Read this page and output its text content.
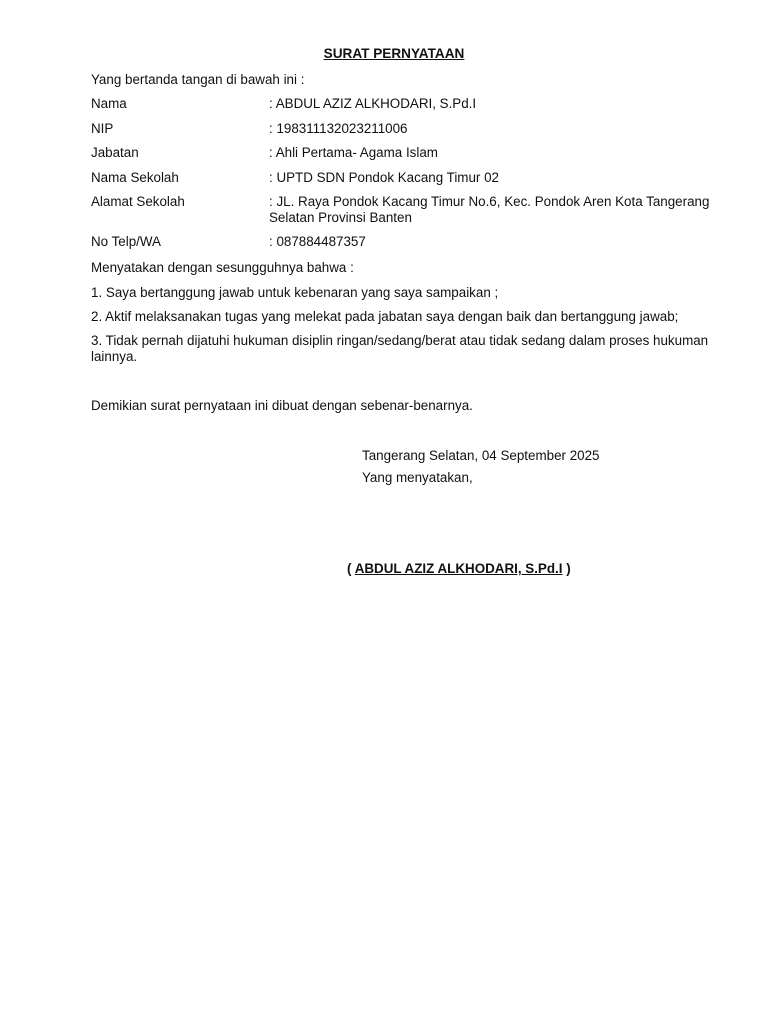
SURAT PERNYATAAN
Yang bertanda tangan di bawah ini :
Nama	: ABDUL AZIZ ALKHODARI, S.Pd.I
NIP	: 198311132023211006
Jabatan	: Ahli Pertama- Agama Islam
Nama Sekolah	: UPTD SDN Pondok Kacang Timur 02
Alamat Sekolah	: JL. Raya Pondok Kacang Timur No.6, Kec. Pondok Aren Kota Tangerang Selatan Provinsi Banten
No Telp/WA	: 087884487357
Menyatakan dengan sesungguhnya bahwa :
1. Saya bertanggung jawab untuk kebenaran yang saya sampaikan ;
2. Aktif melaksanakan tugas yang melekat pada jabatan saya dengan baik dan bertanggung jawab;
3. Tidak pernah dijatuhi hukuman disiplin ringan/sedang/berat atau tidak sedang dalam proses hukuman lainnya.
Demikian surat pernyataan ini dibuat dengan sebenar-benarnya.
Tangerang Selatan, 04 September 2025
Yang menyatakan,
( ABDUL AZIZ ALKHODARI, S.Pd.I )
